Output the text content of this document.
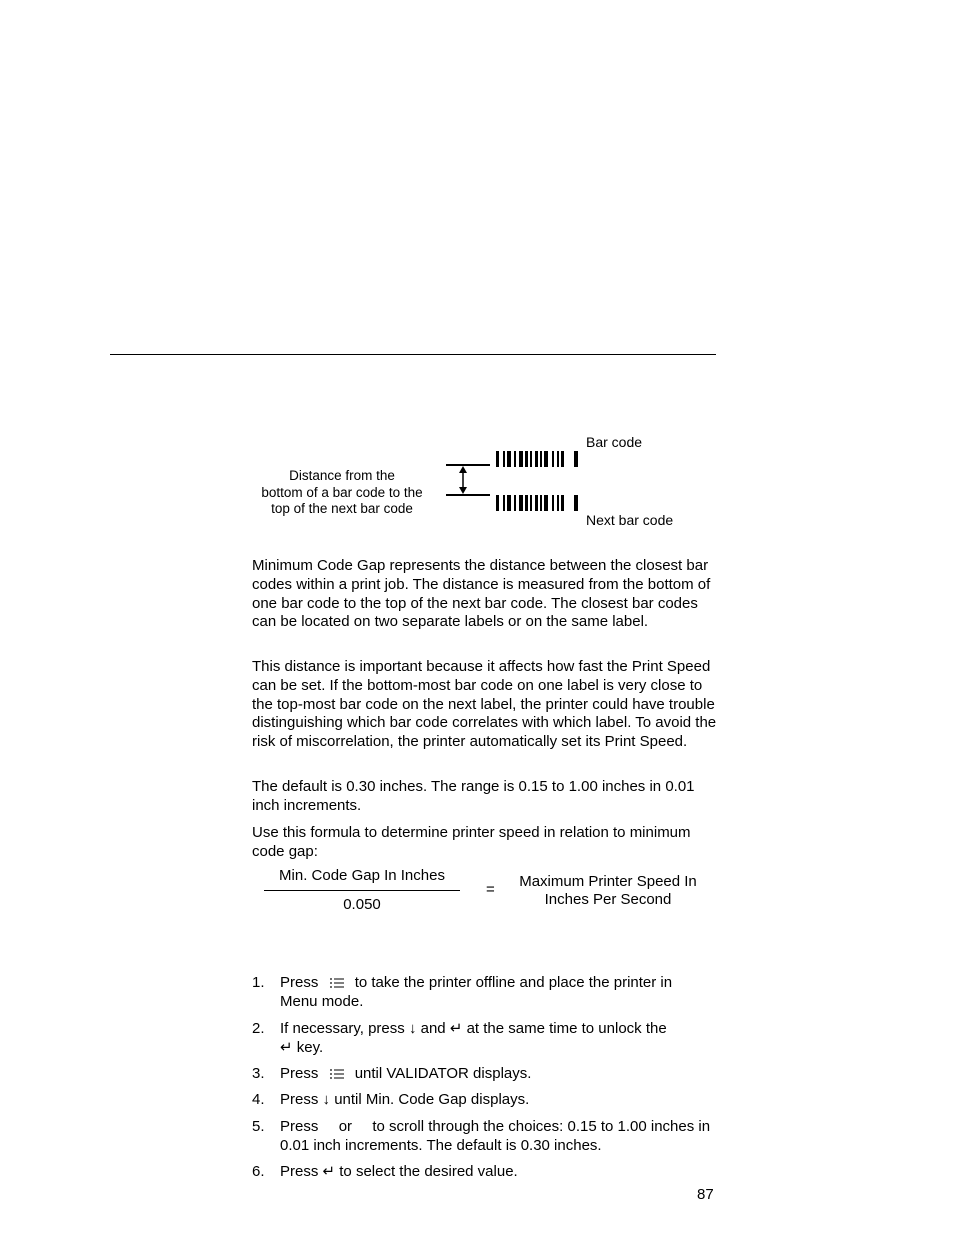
Bar code
Next bar code
Distance from the
bottom of a bar code to the
top of the next bar code

Minimum Code Gap represents the distance between the closest bar codes within a print job. The distance is measured from the bottom of one bar code to the top of the next bar code. The closest bar codes can be located on two separate labels or on the same label.

This distance is important because it affects how fast the Print Speed can be set. If the bottom-most bar code on one label is very close to the top-most bar code on the next label, the printer could have trouble distinguishing which bar code correlates with which label. To avoid the risk of miscorrelation, the printer automatically set its Print Speed.

The default is 0.30 inches. The range is 0.15 to 1.00 inches in 0.01 inch increments.

Use this formula to determine printer speed in relation to minimum code gap:

Min. Code Gap In Inches
0.050
=	Maximum Printer Speed In
Inches Per Second
1. Press to take the printer offline and place the printer in
Menu mode.
2. If necessary, press ↓ and ↵ at the same time to unlock the
↵ key.
3. Press until VALIDATOR displays.
4. Press ↓ until Min. Code Gap displays.
5. Press or to scroll through the choices: 0.15 to 1.00 inches in
0.01 inch increments. The default is 0.30 inches.
6. Press ↵ to select the desired value.
87
